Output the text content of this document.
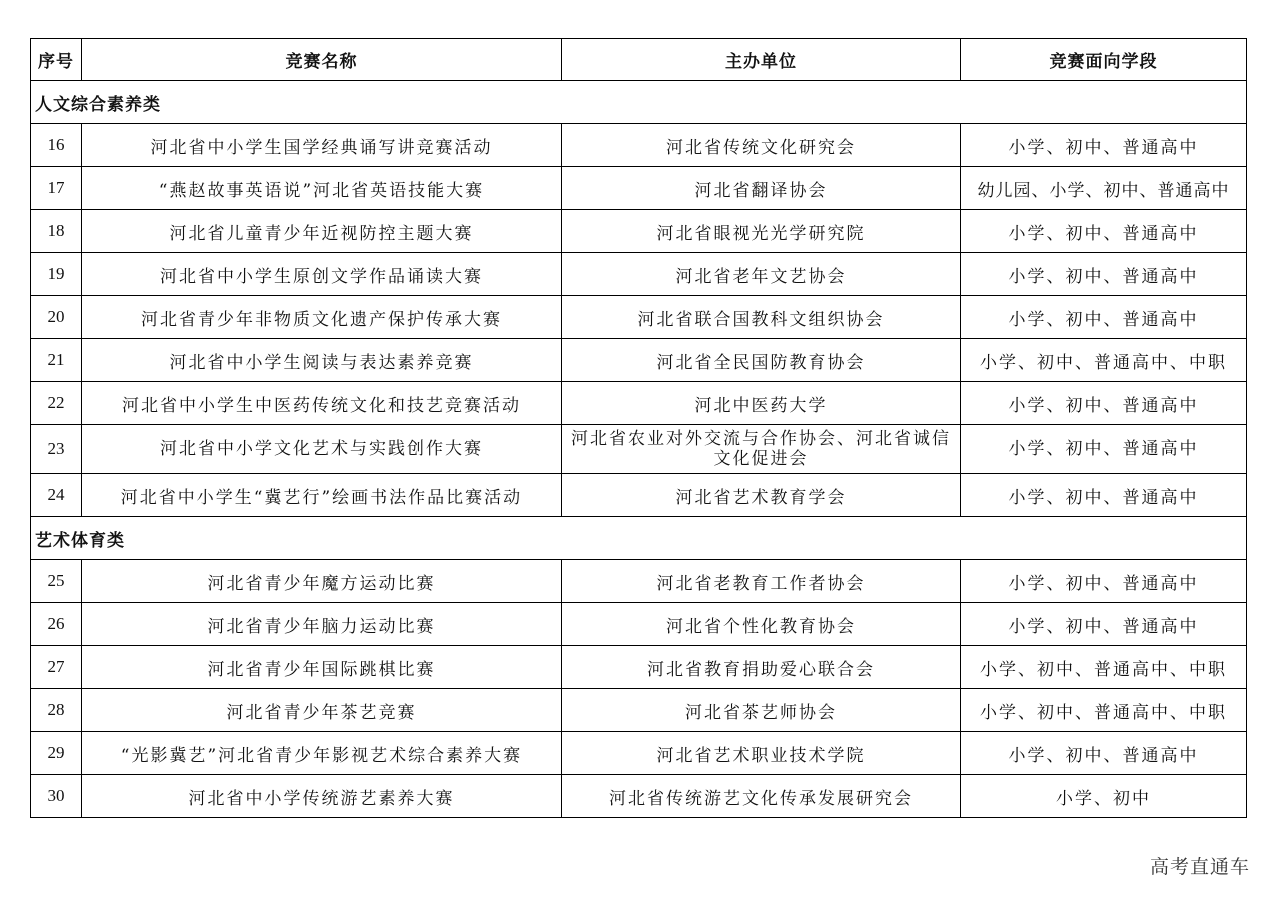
序号	竞赛名称	主办单位	竞赛面向学段
人文综合素养类			
16	河北省中小学生国学经典诵写讲竞赛活动	河北省传统文化研究会	小学、初中、普通高中
17	“燕赵故事英语说”河北省英语技能大赛	河北省翻译协会	幼儿园、小学、初中、普通高中
18	河北省儿童青少年近视防控主题大赛	河北省眼视光光学研究院	小学、初中、普通高中
19	河北省中小学生原创文学作品诵读大赛	河北省老年文艺协会	小学、初中、普通高中
20	河北省青少年非物质文化遗产保护传承大赛	河北省联合国教科文组织协会	小学、初中、普通高中
21	河北省中小学生阅读与表达素养竞赛	河北省全民国防教育协会	小学、初中、普通高中、中职
22	河北省中小学生中医药传统文化和技艺竞赛活动	河北中医药大学	小学、初中、普通高中
23	河北省中小学文化艺术与实践创作大赛	河北省农业对外交流与合作协会、河北省诚信文化促进会	小学、初中、普通高中
24	河北省中小学生“冀艺行”绘画书法作品比赛活动	河北省艺术教育学会	小学、初中、普通高中
艺术体育类			
25	河北省青少年魔方运动比赛	河北省老教育工作者协会	小学、初中、普通高中
26	河北省青少年脑力运动比赛	河北省个性化教育协会	小学、初中、普通高中
27	河北省青少年国际跳棋比赛	河北省教育捐助爱心联合会	小学、初中、普通高中、中职
28	河北省青少年茶艺竞赛	河北省茶艺师协会	小学、初中、普通高中、中职
29	“光影冀艺”河北省青少年影视艺术综合素养大赛	河北省艺术职业技术学院	小学、初中、普通高中
30	河北省中小学传统游艺素养大赛	河北省传统游艺文化传承发展研究会	小学、初中
高考直通车
